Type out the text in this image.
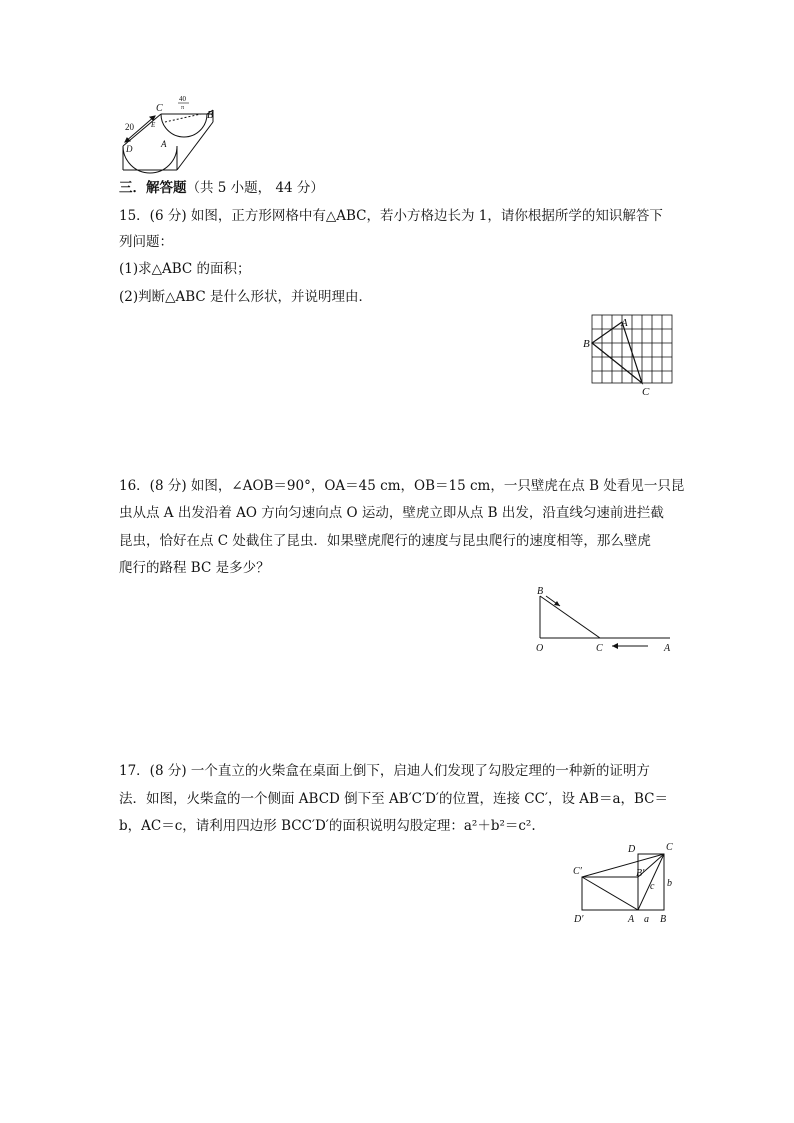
C
B
D	A
E
20
40
π
三．解答题（共 5 小题， 44 分）
15．(6 分) 如图，正方形网格中有△ABC，若小方格边长为 1，请你根据所学的知识解答下
列问题：
(1)求△ABC 的面积；
(2)判断△ABC 是什么形状，并说明理由．
A
B
C
16．(8 分) 如图，∠AOB＝90°，OA＝45 cm，OB＝15 cm，一只壁虎在点 B 处看见一只昆
虫从点 A 出发沿着 AO 方向匀速向点 O 运动，壁虎立即从点 B 出发，沿直线匀速前进拦截
昆虫，恰好在点 C 处截住了昆虫．如果壁虎爬行的速度与昆虫爬行的速度相等，那么壁虎
爬行的路程 BC 是多少？
B
O	C	A
17．(8 分) 一个直立的火柴盒在桌面上倒下，启迪人们发现了勾股定理的一种新的证明方
法．如图，火柴盒的一个侧面 ABCD 倒下至 AB′C′D′的位置，连接 CC′，设 AB＝a，BC＝
b，AC＝c，请利用四边形 BCC′D′的面积说明勾股定理：a²＋b²＝c².
D	C
C′	B′
c b
D′	A a B
